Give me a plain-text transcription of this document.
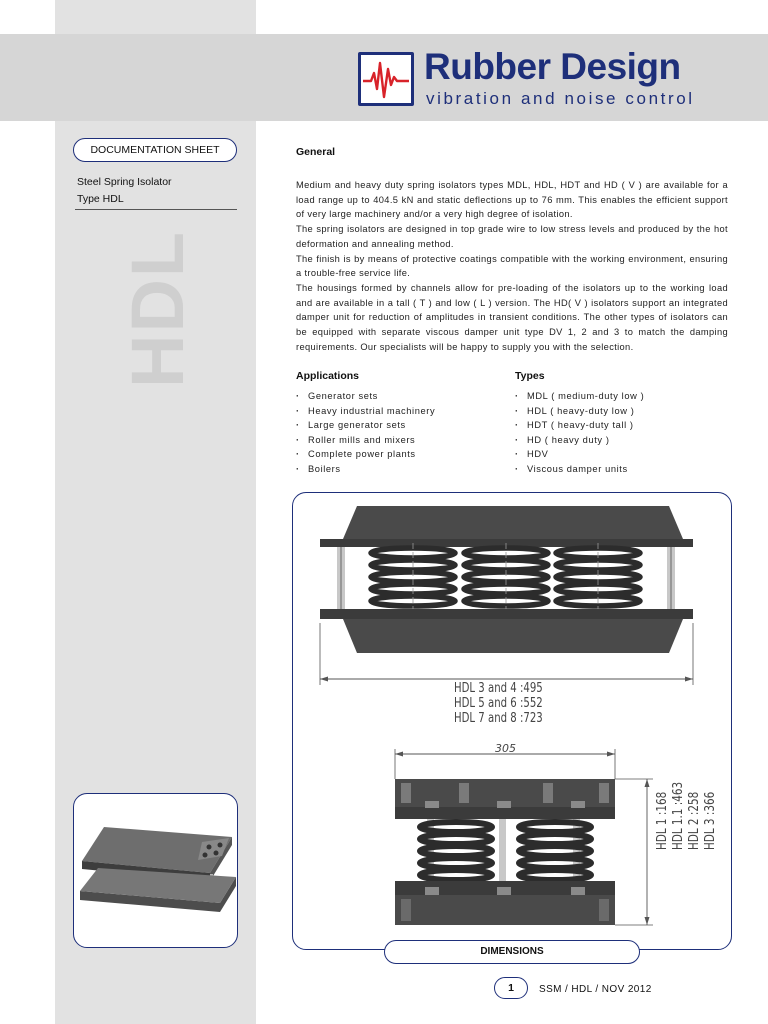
Rubber Design
vibration and noise control
DOCUMENTATION SHEET
Steel Spring Isolator
Type HDL
HDL
General

Medium and heavy duty spring isolators types MDL, HDL, HDT and HD ( V ) are available for a load range up to 404.5 kN and static deflections up to 76 mm. This enables the efficient support of very large machinery and/or a very high degree of isolation.

The spring isolators are designed in top grade wire to low stress levels and produced by the hot deformation and annealing method.

The finish is by means of protective coatings compatible with the working environment, ensuring a trouble-free service life.

The housings formed by channels allow for pre-loading of the isolators up to the working load and are available in a tall ( T ) and low ( L ) version. The HD( V ) isolators support an integrated damper unit for reduction of amplitudes in transient conditions. The other types of isolators can be equipped with separate viscous damper unit type DV 1, 2 and 3 to match the damping requirements. Our specialists will be happy to supply you with the selection.

Applications
· Generator sets
· Heavy industrial machinery
· Large generator sets
· Roller mills and mixers
· Complete power plants
· Boilers
Types
· MDL ( medium-duty low )
· HDL ( heavy-duty low )
· HDT ( heavy-duty tall )
· HD ( heavy duty )
· HDV
· Viscous damper units
HDL 3 and 4 :495
HDL 5 and 6 :552
HDL 7 and 8 :723
305
HDL 1 :168 HDL 1.1 :463 HDL 2 :258 HDL 3 :366
DIMENSIONS
1	SSM / HDL / NOV 2012
